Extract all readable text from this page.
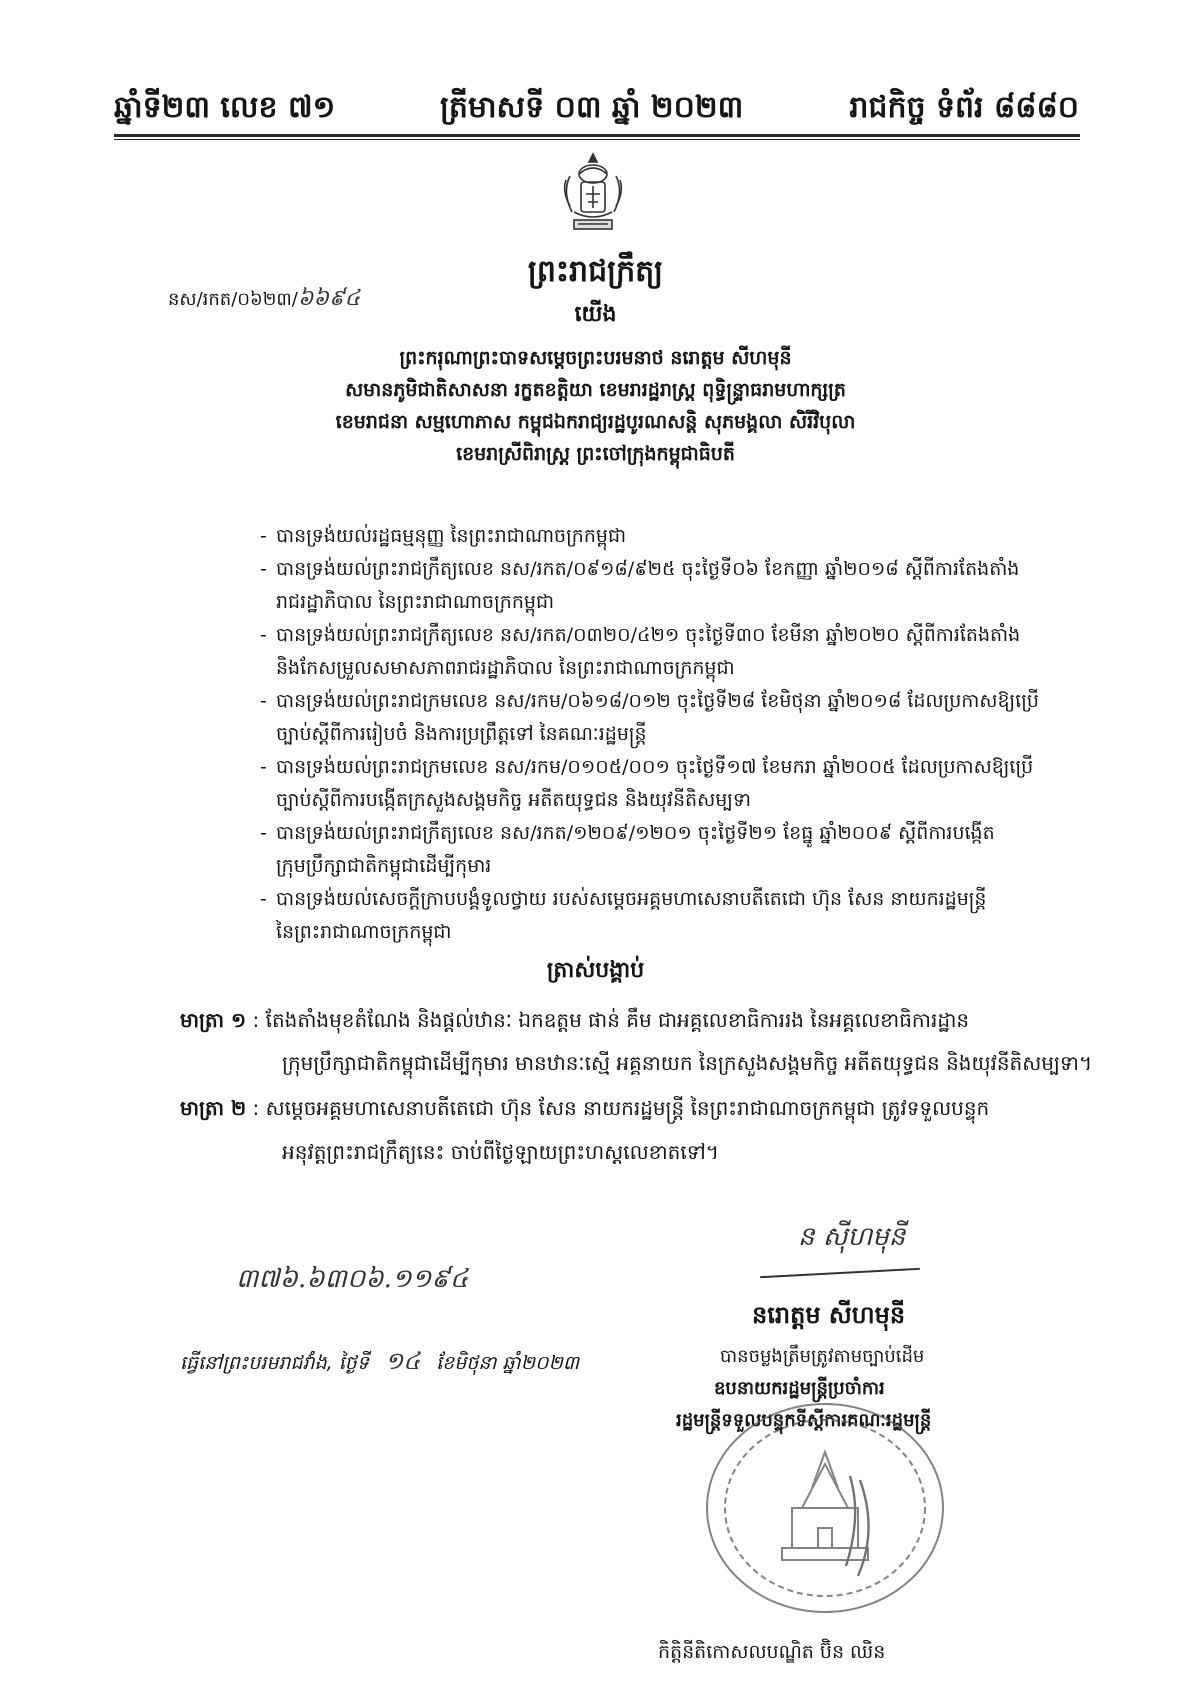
ឆ្នាំទី២៣ លេខ ៧១	ត្រីមាសទី ០៣ ឆ្នាំ ២០២៣	រាជកិច្ច ទំព័រ ៨៨៨០
ព្រះរាជក្រឹត្យ
នស/រកត/០៦២៣/៦៦៩៤
យើង
ព្រះករុណាព្រះបាទសម្តេចព្រះបរមនាថ នរោត្តម សីហមុនី
សមានភូមិជាតិសាសនា រក្ខតខត្តិយា ខេមរារដ្ឋរាស្ត្រ ពុទ្ធិន្ទ្រាធរាមហាក្សត្រ
ខេមរាជនា សម្មហោភាស កម្ពុជឯករាជ្យរដ្ឋបូរណសន្តិ សុភមង្គលា សិរីវិបុលា
ខេមរាស្រីពិរាស្ត្រ ព្រះចៅក្រុងកម្ពុជាធិបតី
- បានទ្រង់យល់រដ្ឋធម្មនុញ្ញ នៃព្រះរាជាណាចក្រកម្ពុជា
- បានទ្រង់យល់ព្រះរាជក្រឹត្យលេខ នស/រកត/០៩១៨/៩២៥ ចុះថ្ងៃទី០៦ ខែកញ្ញា ឆ្នាំ២០១៨ ស្តីពីការតែងតាំង
រាជរដ្ឋាភិបាល នៃព្រះរាជាណាចក្រកម្ពុជា
- បានទ្រង់យល់ព្រះរាជក្រឹត្យលេខ នស/រកត/០៣២០/៤២១ ចុះថ្ងៃទី៣០ ខែមីនា ឆ្នាំ២០២០ ស្តីពីការតែងតាំង
និងកែសម្រួលសមាសភាពរាជរដ្ឋាភិបាល នៃព្រះរាជាណាចក្រកម្ពុជា
- បានទ្រង់យល់ព្រះរាជក្រមលេខ នស/រកម/០៦១៨/០១២ ចុះថ្ងៃទី២៨ ខែមិថុនា ឆ្នាំ២០១៨ ដែលប្រកាសឱ្យប្រើ
ច្បាប់ស្តីពីការរៀបចំ និងការប្រព្រឹត្តទៅ នៃគណៈរដ្ឋមន្ត្រី
- បានទ្រង់យល់ព្រះរាជក្រមលេខ នស/រកម/០១០៥/០០១ ចុះថ្ងៃទី១៧ ខែមករា ឆ្នាំ២០០៥ ដែលប្រកាសឱ្យប្រើ
ច្បាប់ស្តីពីការបង្កើតក្រសួងសង្គមកិច្ច អតីតយុទ្ធជន និងយុវនីតិសម្បទា
- បានទ្រង់យល់ព្រះរាជក្រឹត្យលេខ នស/រកត/១២០៩/១២០១ ចុះថ្ងៃទី២១ ខែធ្នូ ឆ្នាំ២០០៩ ស្តីពីការបង្កើត
ក្រុមប្រឹក្សាជាតិកម្ពុជាដើម្បីកុមារ
- បានទ្រង់យល់សេចក្តីក្រាបបង្គំទូលថ្វាយ របស់សម្តេចអគ្គមហាសេនាបតីតេជោ ហ៊ុន សែន នាយករដ្ឋមន្ត្រី
នៃព្រះរាជាណាចក្រកម្ពុជា
ត្រាស់បង្គាប់
មាត្រា ១ : តែងតាំងមុខតំណែង និងផ្តល់ឋានៈ ឯកឧត្តម ផាន់ គឹម ជាអគ្គលេខាធិការរង នៃអគ្គលេខាធិការដ្ឋាន
ក្រុមប្រឹក្សាជាតិកម្ពុជាដើម្បីកុមារ មានឋានៈស្មើ អគ្គនាយក នៃក្រសួងសង្គមកិច្ច អតីតយុទ្ធជន និងយុវនីតិសម្បទា។
មាត្រា ២ : សម្តេចអគ្គមហាសេនាបតីតេជោ ហ៊ុន សែន នាយករដ្ឋមន្ត្រី នៃព្រះរាជាណាចក្រកម្ពុជា ត្រូវទទួលបន្ទុក
អនុវត្តព្រះរាជក្រឹត្យនេះ ចាប់ពីថ្ងៃឡាយព្រះហស្តលេខាតទៅ។
៣៧៦.៦៣០៦.១១៩៤
ធ្វើនៅព្រះបរមរាជវាំង, ថ្ងៃទី ១៤ ខែមិថុនា ឆ្នាំ២០២៣
ន ស៊ីហមុនី
នរោត្តម សីហមុនី
បានចម្លងត្រឹមត្រូវតាមច្បាប់ដើម
ឧបនាយករដ្ឋមន្ត្រីប្រចាំការ
រដ្ឋមន្ត្រីទទួលបន្ទុកទីស្តីការគណៈរដ្ឋមន្ត្រី
កិត្តិនីតិកោសលបណ្ឌិត ប៊ិន ឈិន
